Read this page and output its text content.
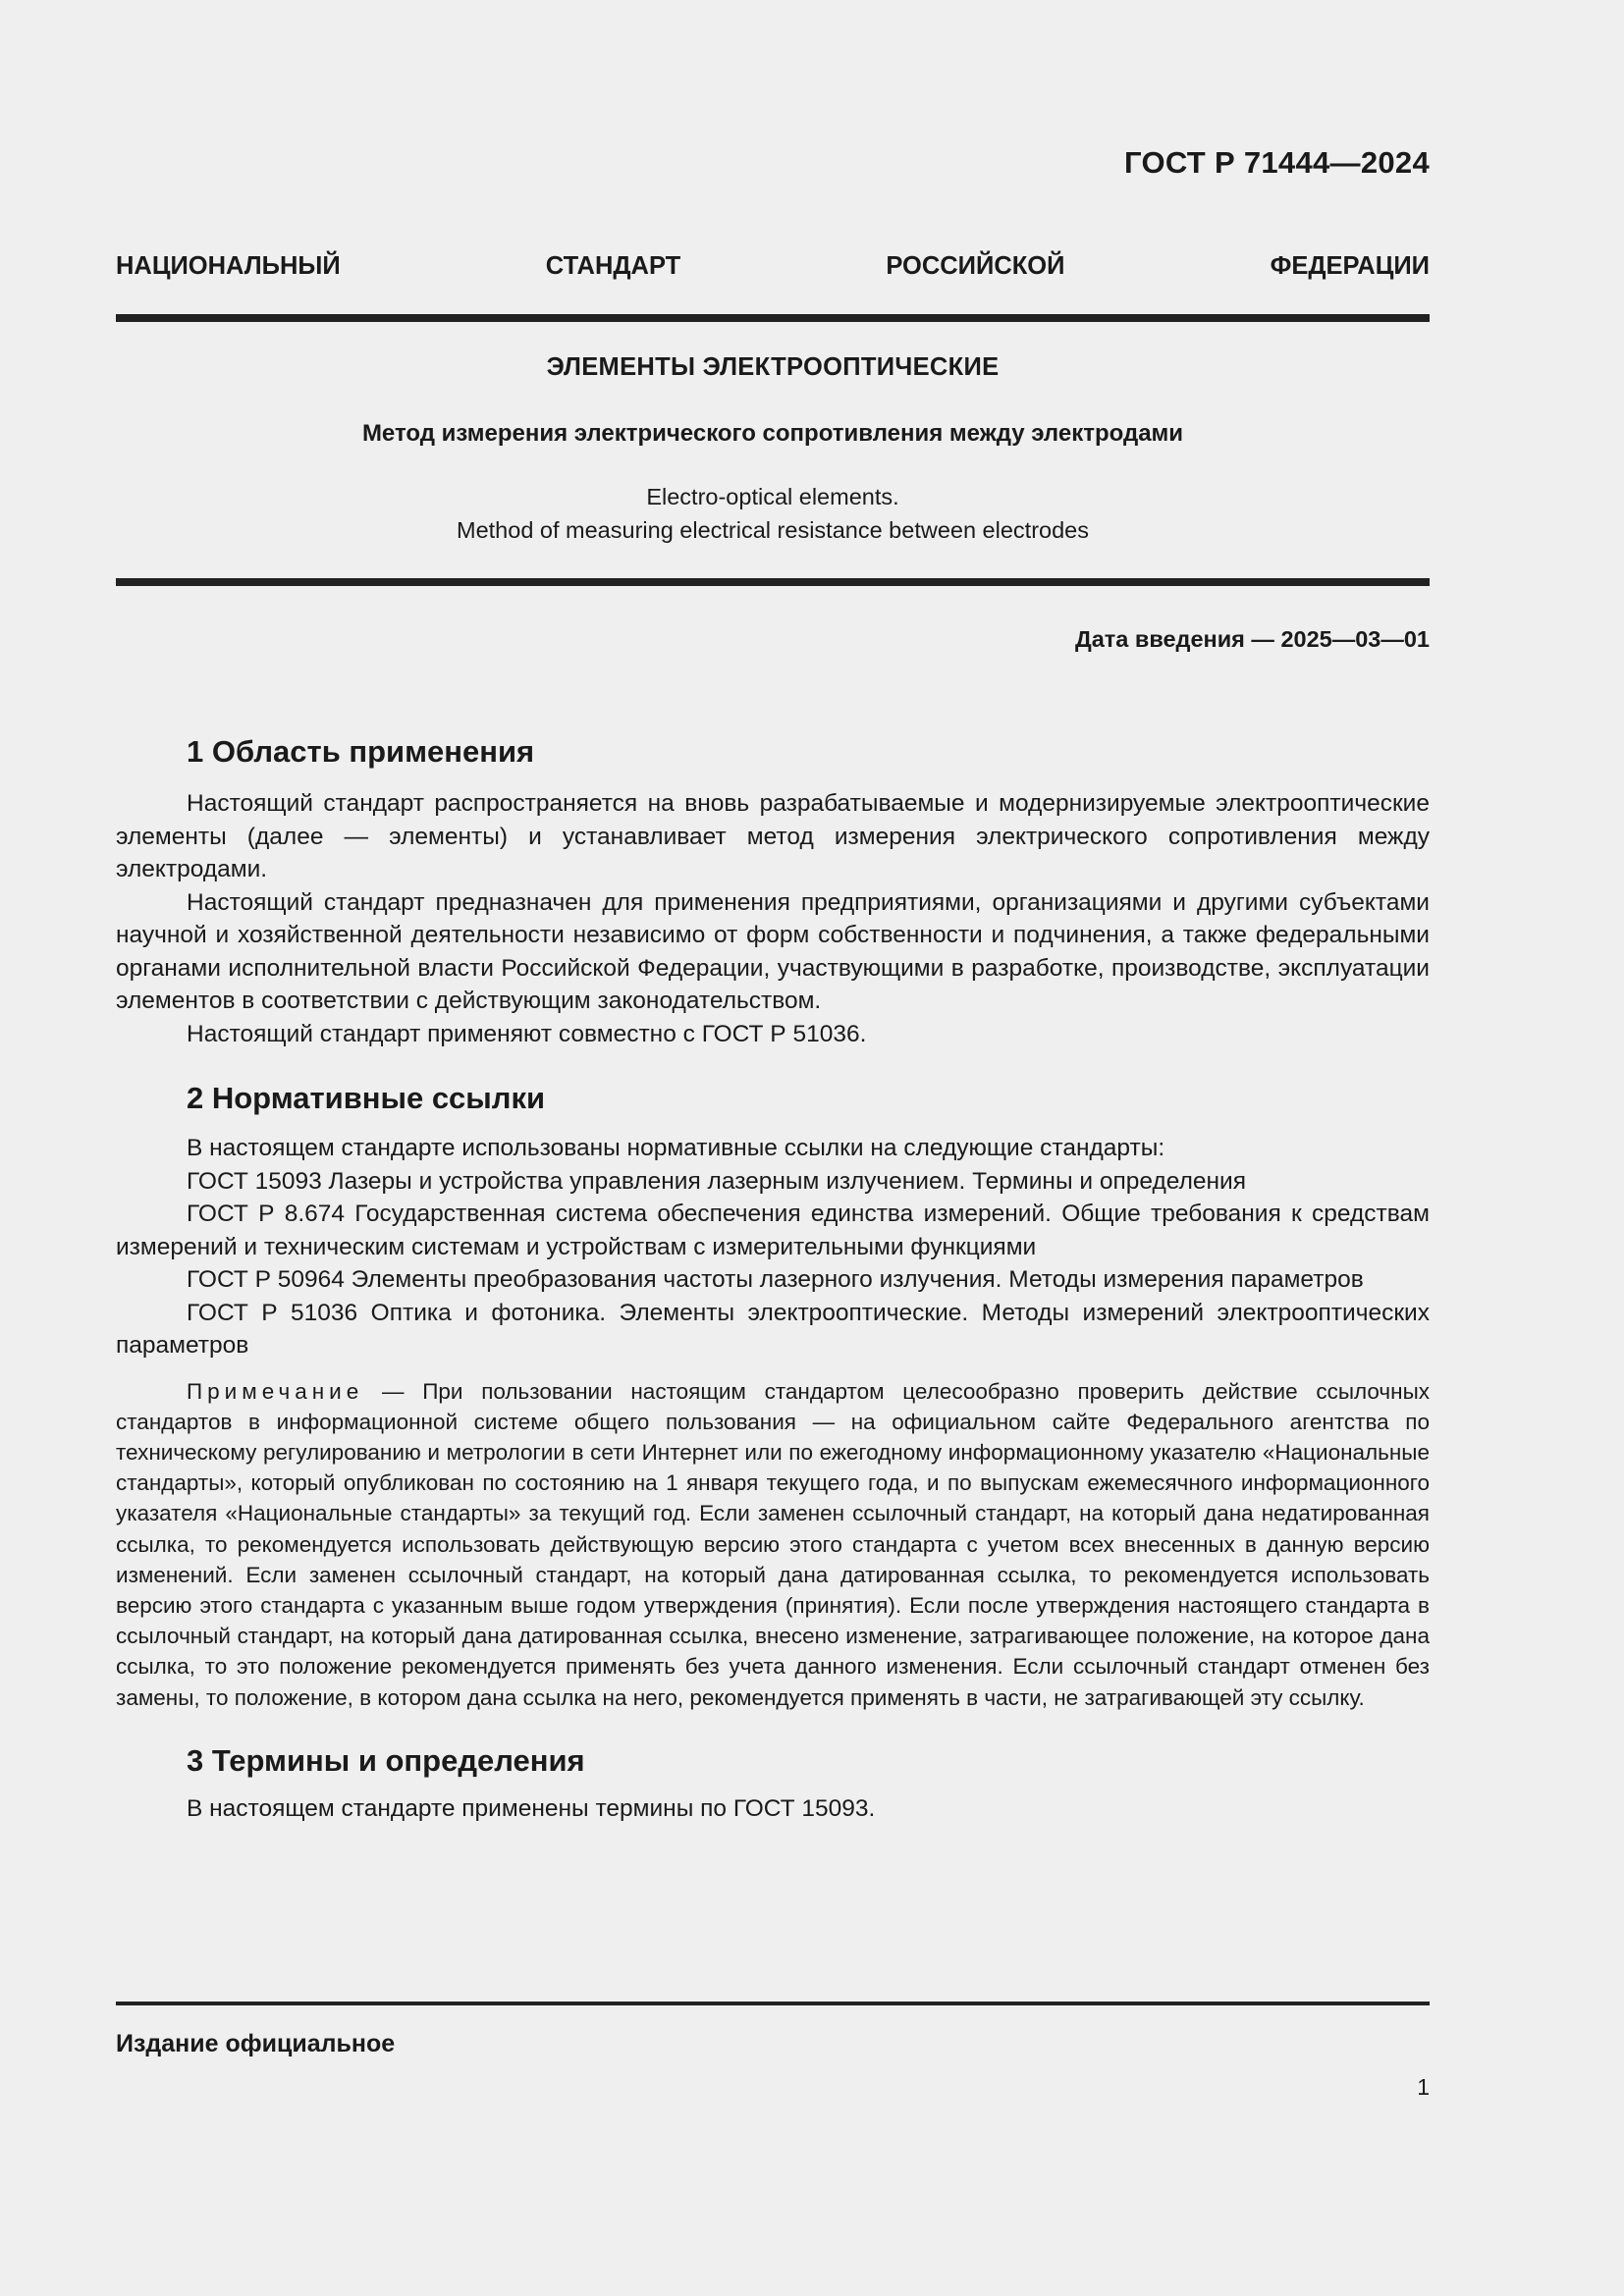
ГОСТ Р 71444—2024
НАЦИОНАЛЬНЫЙ СТАНДАРТ РОССИЙСКОЙ ФЕДЕРАЦИИ
ЭЛЕМЕНТЫ ЭЛЕКТРООПТИЧЕСКИЕ
Метод измерения электрического сопротивления между электродами
Electro-optical elements.
Method of measuring electrical resistance between electrodes
Дата введения — 2025—03—01
1 Область применения

Настоящий стандарт распространяется на вновь разрабатываемые и модернизируемые электрооптические элементы (далее — элементы) и устанавливает метод измерения электрического сопротивления между электродами.

Настоящий стандарт предназначен для применения предприятиями, организациями и другими субъектами научной и хозяйственной деятельности независимо от форм собственности и подчинения, а также федеральными органами исполнительной власти Российской Федерации, участвующими в разработке, производстве, эксплуатации элементов в соответствии с действующим законодательством.

Настоящий стандарт применяют совместно с ГОСТ Р 51036.

2 Нормативные ссылки

В настоящем стандарте использованы нормативные ссылки на следующие стандарты:

ГОСТ 15093 Лазеры и устройства управления лазерным излучением. Термины и определения

ГОСТ Р 8.674 Государственная система обеспечения единства измерений. Общие требования к средствам измерений и техническим системам и устройствам с измерительными функциями

ГОСТ Р 50964 Элементы преобразования частоты лазерного излучения. Методы измерения параметров

ГОСТ Р 51036 Оптика и фотоника. Элементы электрооптические. Методы измерений электрооптических параметров

Примечание — При пользовании настоящим стандартом целесообразно проверить действие ссылочных стандартов в информационной системе общего пользования — на официальном сайте Федерального агентства по техническому регулированию и метрологии в сети Интернет или по ежегодному информационному указателю «Национальные стандарты», который опубликован по состоянию на 1 января текущего года, и по выпускам ежемесячного информационного указателя «Национальные стандарты» за текущий год. Если заменен ссылочный стандарт, на который дана недатированная ссылка, то рекомендуется использовать действующую версию этого стандарта с учетом всех внесенных в данную версию изменений. Если заменен ссылочный стандарт, на который дана датированная ссылка, то рекомендуется использовать версию этого стандарта с указанным выше годом утверждения (принятия). Если после утверждения настоящего стандарта в ссылочный стандарт, на который дана датированная ссылка, внесено изменение, затрагивающее положение, на которое дана ссылка, то это положение рекомендуется применять без учета данного изменения. Если ссылочный стандарт отменен без замены, то положение, в котором дана ссылка на него, рекомендуется применять в части, не затрагивающей эту ссылку.
3 Термины и определения

В настоящем стандарте применены термины по ГОСТ 15093.

Издание официальное
1
